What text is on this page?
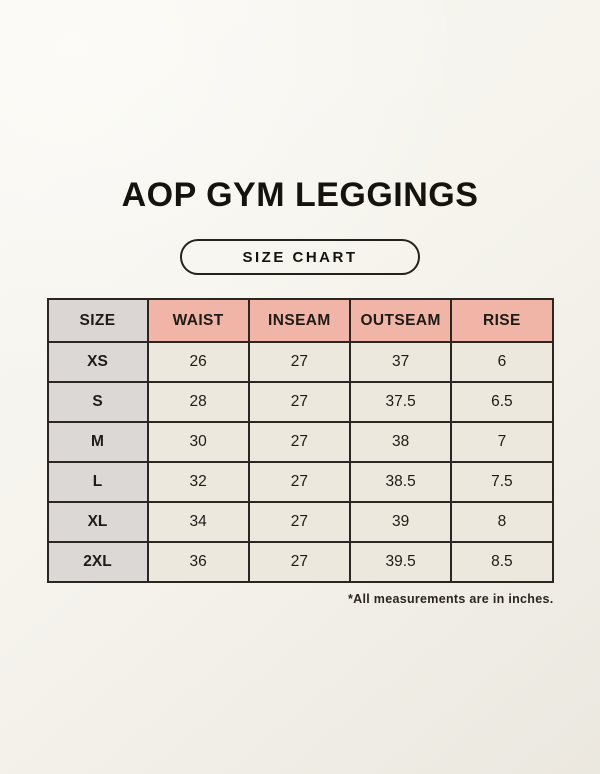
AOP GYM LEGGINGS
SIZE CHART
SIZE	WAIST	INSEAM	OUTSEAM	RISE
XS	26	27	37	6
S	28	27	37.5	6.5
M	30	27	38	7
L	32	27	38.5	7.5
XL	34	27	39	8
2XL	36	27	39.5	8.5
*All measurements are in inches.
